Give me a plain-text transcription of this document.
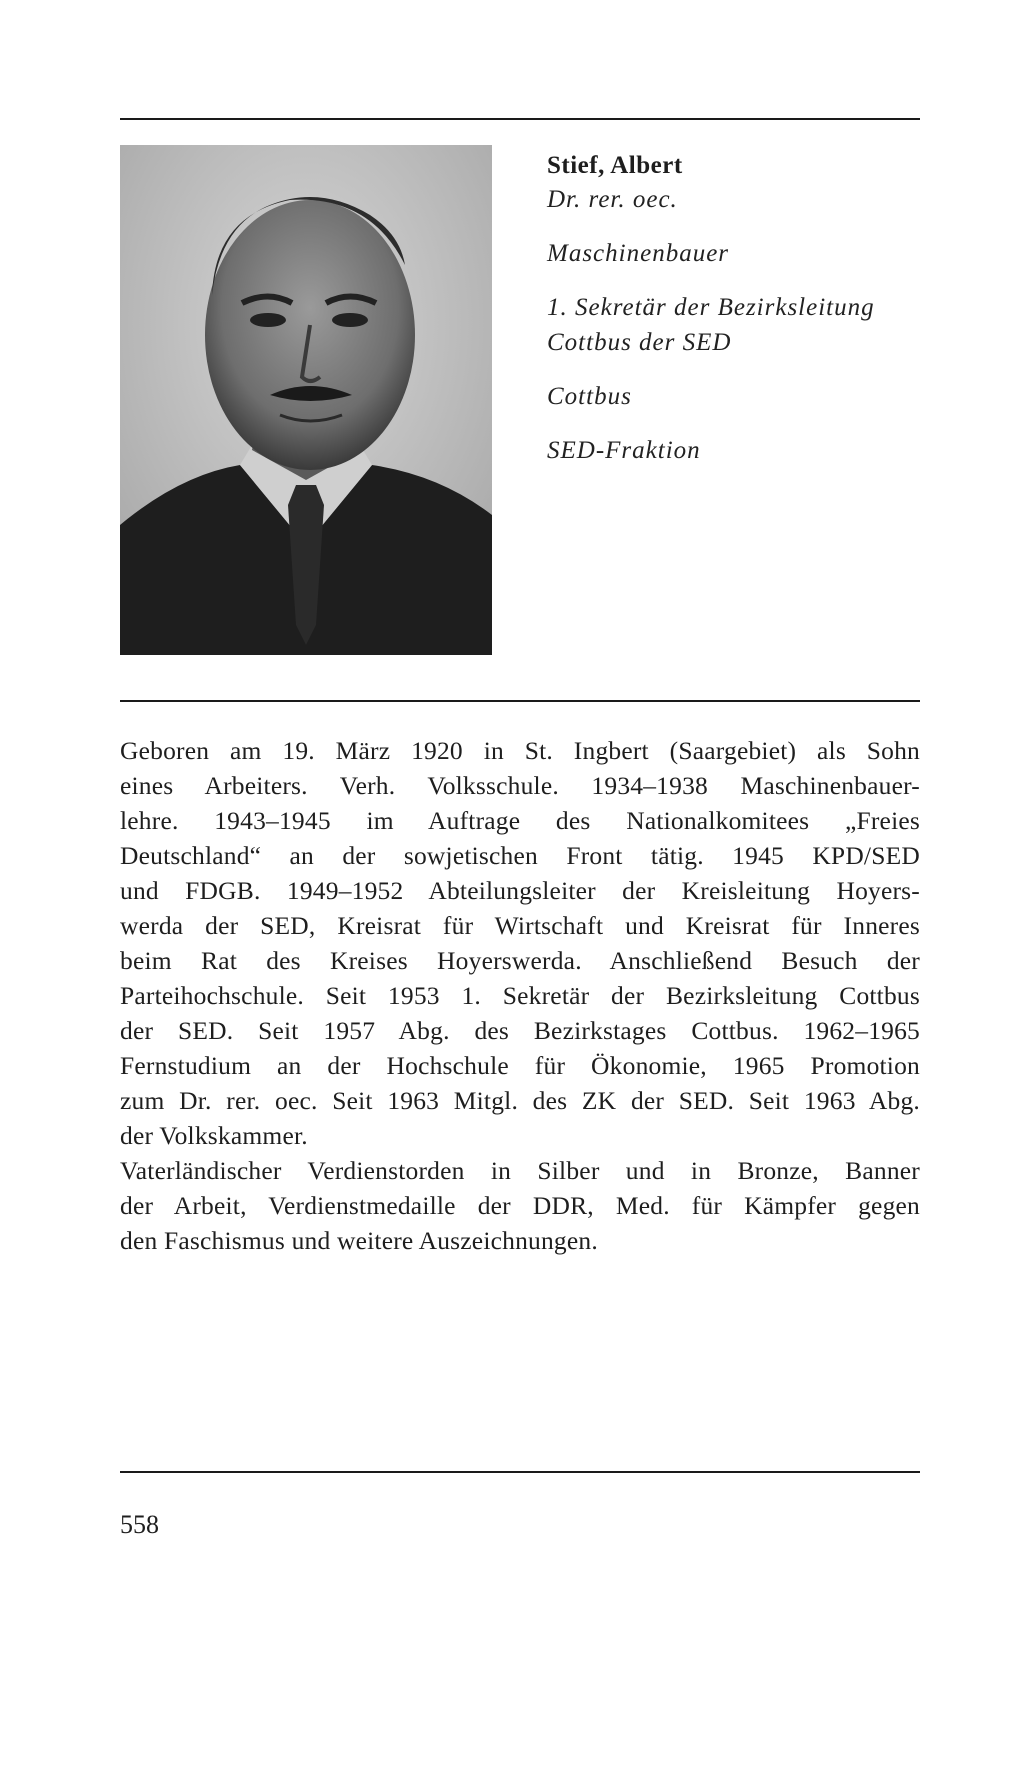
Stief, Albert

Dr. rer. oec.

Maschinenbauer

1. Sekretär der Bezirksleitung

Cottbus der SED

Cottbus

SED-Fraktion

Geboren am 19. März 1920 in St. Ingbert (Saargebiet) als Sohn
eines Arbeiters. Verh. Volksschule. 1934–1938 Maschinenbauer-
lehre. 1943–1945 im Auftrage des Nationalkomitees „Freies
Deutschland“ an der sowjetischen Front tätig. 1945 KPD/SED
und FDGB. 1949–1952 Abteilungsleiter der Kreisleitung Hoyers-
werda der SED, Kreisrat für Wirtschaft und Kreisrat für Inneres
beim Rat des Kreises Hoyerswerda. Anschließend Besuch der
Parteihochschule. Seit 1953 1. Sekretär der Bezirksleitung Cottbus
der SED. Seit 1957 Abg. des Bezirkstages Cottbus. 1962–1965
Fernstudium an der Hochschule für Ökonomie, 1965 Promotion
zum Dr. rer. oec. Seit 1963 Mitgl. des ZK der SED. Seit 1963 Abg.
der Volkskammer.

Vaterländischer Verdienstorden in Silber und in Bronze, Banner
der Arbeit, Verdienstmedaille der DDR, Med. für Kämpfer gegen
den Faschismus und weitere Auszeichnungen.

558
